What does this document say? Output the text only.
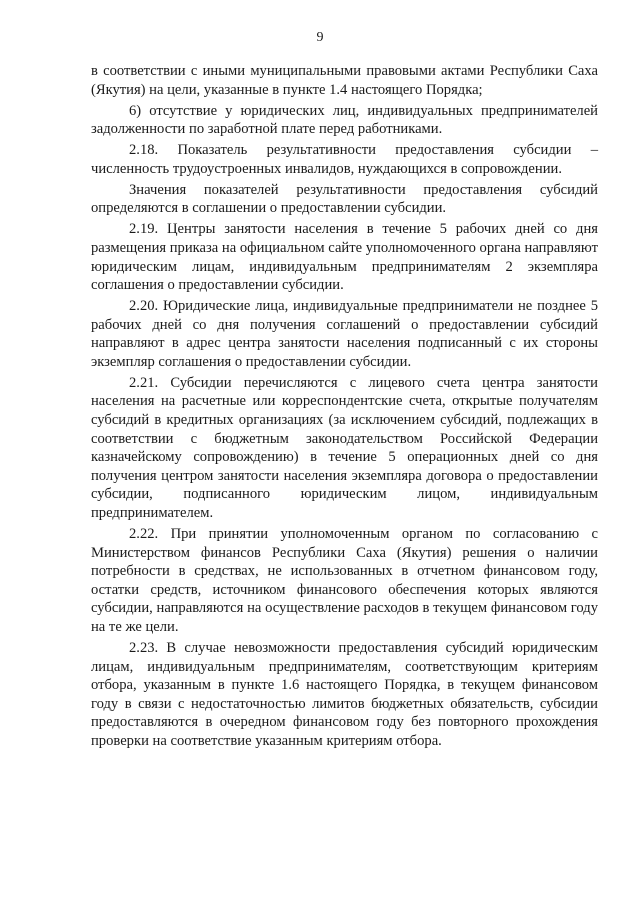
9

в соответствии с иными муниципальными правовыми актами Республики Саха (Якутия) на цели, указанные в пункте 1.4 настоящего Порядка;

6) отсутствие у юридических лиц, индивидуальных предпринимателей задолженности по заработной плате перед работниками.

2.18. Показатель результативности предоставления субсидии – численность трудоустроенных инвалидов, нуждающихся в сопровождении.

Значения показателей результативности предоставления субсидий определяются в соглашении о предоставлении субсидии.

2.19. Центры занятости населения в течение 5 рабочих дней со дня размещения приказа на официальном сайте уполномоченного органа направляют юридическим лицам, индивидуальным предпринимателям 2 экземпляра соглашения о предоставлении субсидии.

2.20. Юридические лица, индивидуальные предприниматели не позднее 5 рабочих дней со дня получения соглашений о предоставлении субсидий направляют в адрес центра занятости населения подписанный с их стороны экземпляр соглашения о предоставлении субсидии.

2.21. Субсидии перечисляются с лицевого счета центра занятости населения на расчетные или корреспондентские счета, открытые получателям субсидий в кредитных организациях (за исключением субсидий, подлежащих в соответствии с бюджетным законодательством Российской Федерации казначейскому сопровождению) в течение 5 операционных дней со дня получения центром занятости населения экземпляра договора о предоставлении субсидии, подписанного юридическим лицом, индивидуальным предпринимателем.

2.22. При принятии уполномоченным органом по согласованию с Министерством финансов Республики Саха (Якутия) решения о наличии потребности в средствах, не использованных в отчетном финансовом году, остатки средств, источником финансового обеспечения которых являются субсидии, направляются на осуществление расходов в текущем финансовом году на те же цели.

2.23. В случае невозможности предоставления субсидий юридическим лицам, индивидуальным предпринимателям, соответствующим критериям отбора, указанным в пункте 1.6 настоящего Порядка, в текущем финансовом году в связи с недостаточностью лимитов бюджетных обязательств, субсидии предоставляются в очередном финансовом году без повторного прохождения проверки на соответствие указанным критериям отбора.
